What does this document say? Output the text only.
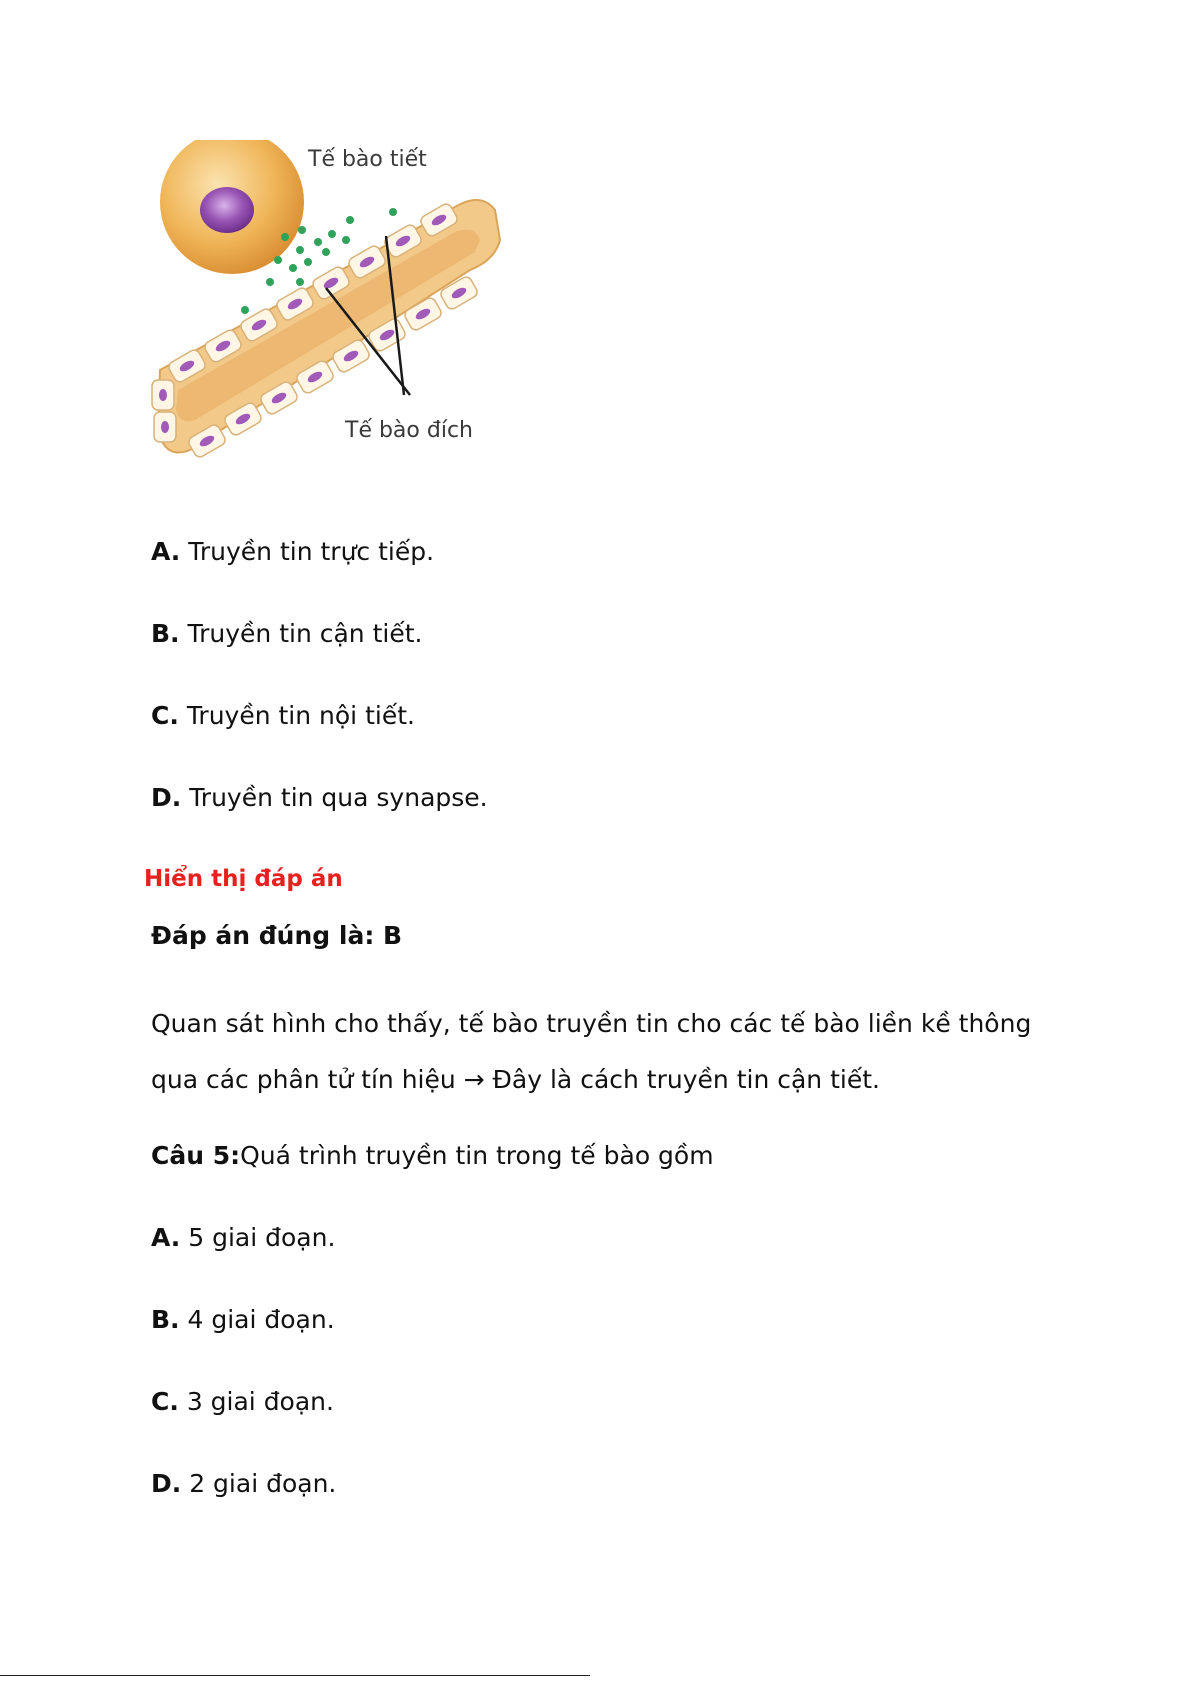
Tế bào tiết
Tế bào đích
A. Truyền tin trực tiếp.
B. Truyền tin cận tiết.
C. Truyền tin nội tiết.
D. Truyền tin qua synapse.
Hiển thị đáp án
Đáp án đúng là: B
Quan sát hình cho thấy, tế bào truyền tin cho các tế bào liền kề thông qua các phân tử tín hiệu → Đây là cách truyền tin cận tiết.
Câu 5:Quá trình truyền tin trong tế bào gồm
A. 5 giai đoạn.
B. 4 giai đoạn.
C. 3 giai đoạn.
D. 2 giai đoạn.
